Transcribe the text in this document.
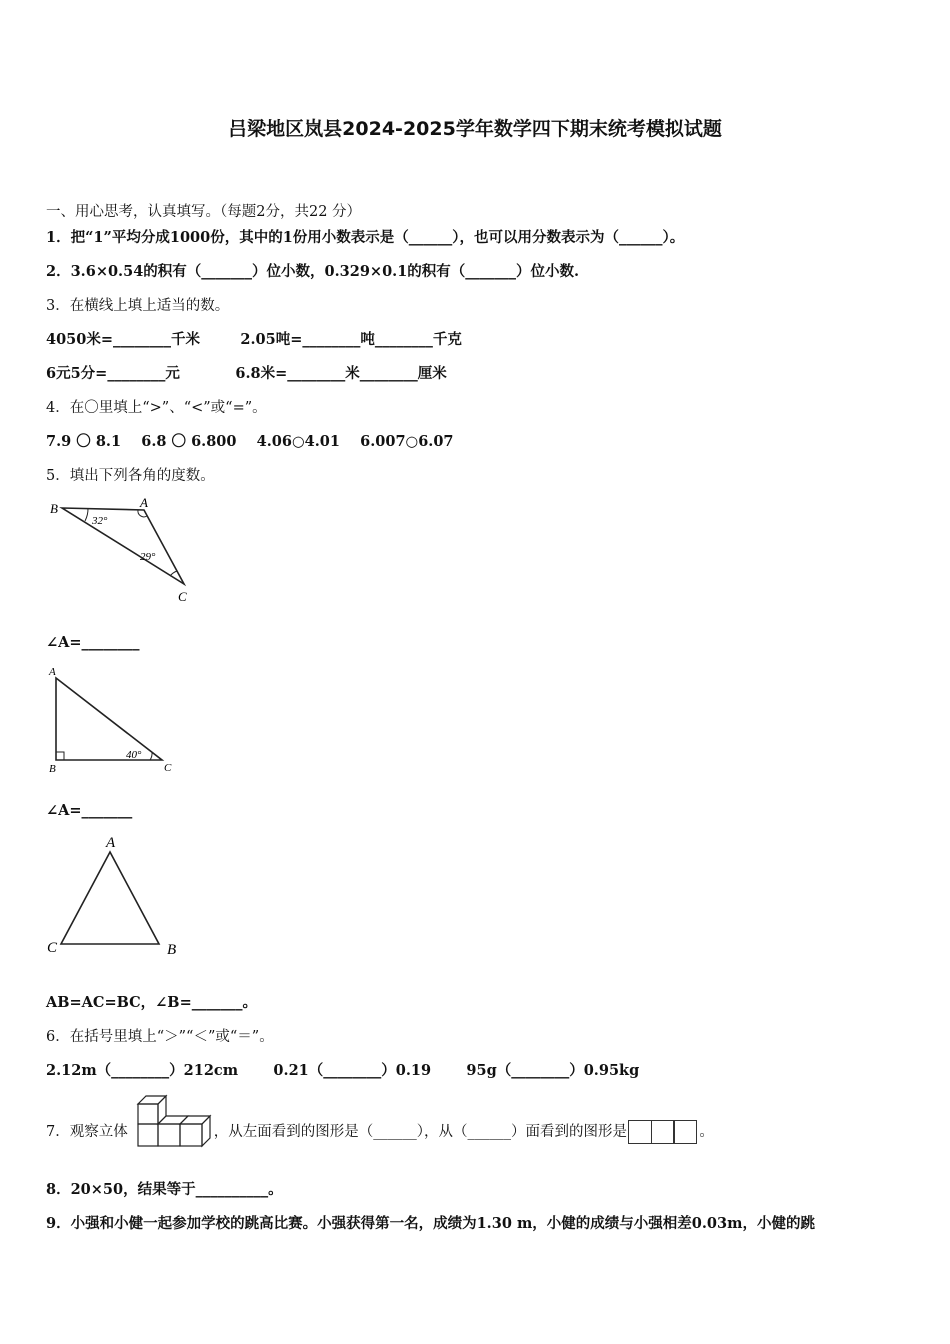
吕梁地区岚县2024-2025学年数学四下期末统考模拟试题
一、用心思考，认真填写。（每题2分，共22 分）
1．把“1”平均分成1000份，其中的1份用小数表示是（______），也可以用分数表示为（______）。
2．3.6×0.54的积有（_______）位小数，0.329×0.1的积有（_______）位小数.
3．在横线上填上适当的数。
4050米=________千米        2.05吨=________吨________千克
6元5分=________元           6.8米=________米________厘米
4．在〇里填上“>”、“<”或“=”。
7.9 〇 8.1    6.8 〇 6.800    4.06○4.01    6.007○6.07
5．填出下列各角的度数。
B	A
C
32°
29°
∠A=________
A
B	C
40°
∠A=_______
A
C	B
AB=AC=BC，∠B=_______。
6．在括号里填上“＞”“＜”或“＝”。
2.12m（________）212cm       0.21（________）0.19       95g（________）0.95kg
7．观察立体	，从左面看到的图形是（______），从（______）面看到的图形是	。
8．20×50，结果等于__________。
9．小强和小健一起参加学校的跳高比赛。小强获得第一名，成绩为1.30 m，小健的成绩与小强相差0.03m，小健的跳
